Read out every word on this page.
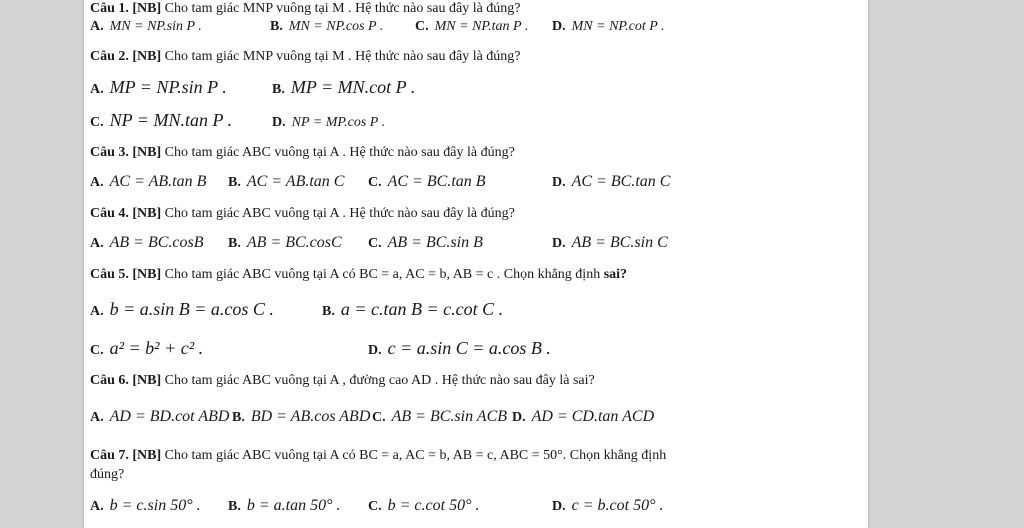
Câu 1. [NB] Cho tam giác MNP vuông tại M . Hệ thức nào sau đây là đúng?
A. MN = NP.sin P .	B. MN = NP.cos P . C. MN = NP.tan P . D. MN = NP.cot P .
Câu 2. [NB] Cho tam giác MNP vuông tại M . Hệ thức nào sau đây là đúng?
A. MP = NP.sin P .	B. MP = MN.cot P .
C. NP = MN.tan P .	D. NP = MP.cos P .
Câu 3. [NB] Cho tam giác ABC vuông tại A . Hệ thức nào sau đây là đúng?
A. AC = AB.tan B B. AC = AB.tan C C. AC = BC.tan B	D. AC = BC.tan C
Câu 4. [NB] Cho tam giác ABC vuông tại A . Hệ thức nào sau đây là đúng?
A. AB = BC.cosB B. AB = BC.cosC C. AB = BC.sin B	D. AB = BC.sin C
Câu 5. [NB] Cho tam giác ABC vuông tại A có BC = a, AC = b, AB = c . Chọn khẳng định sai?
A. b = a.sin B = a.cos C .	B. a = c.tan B = c.cot C .
C. a² = b² + c² .	D. c = a.sin C = a.cos B .
Câu 6. [NB] Cho tam giác ABC vuông tại A , đường cao AD . Hệ thức nào sau đây là sai?
A. AD = BD.cot ABD B. BD = AB.cos ABD C. AB = BC.sin ACB D. AD = CD.tan ACD
Câu 7. [NB] Cho tam giác ABC vuông tại A có BC = a, AC = b, AB = c, ABC = 50°. Chọn khẳng định đúng?
A. b = c.sin 50° . B. b = a.tan 50° . C. b = c.cot 50° .	D. c = b.cot 50° .
